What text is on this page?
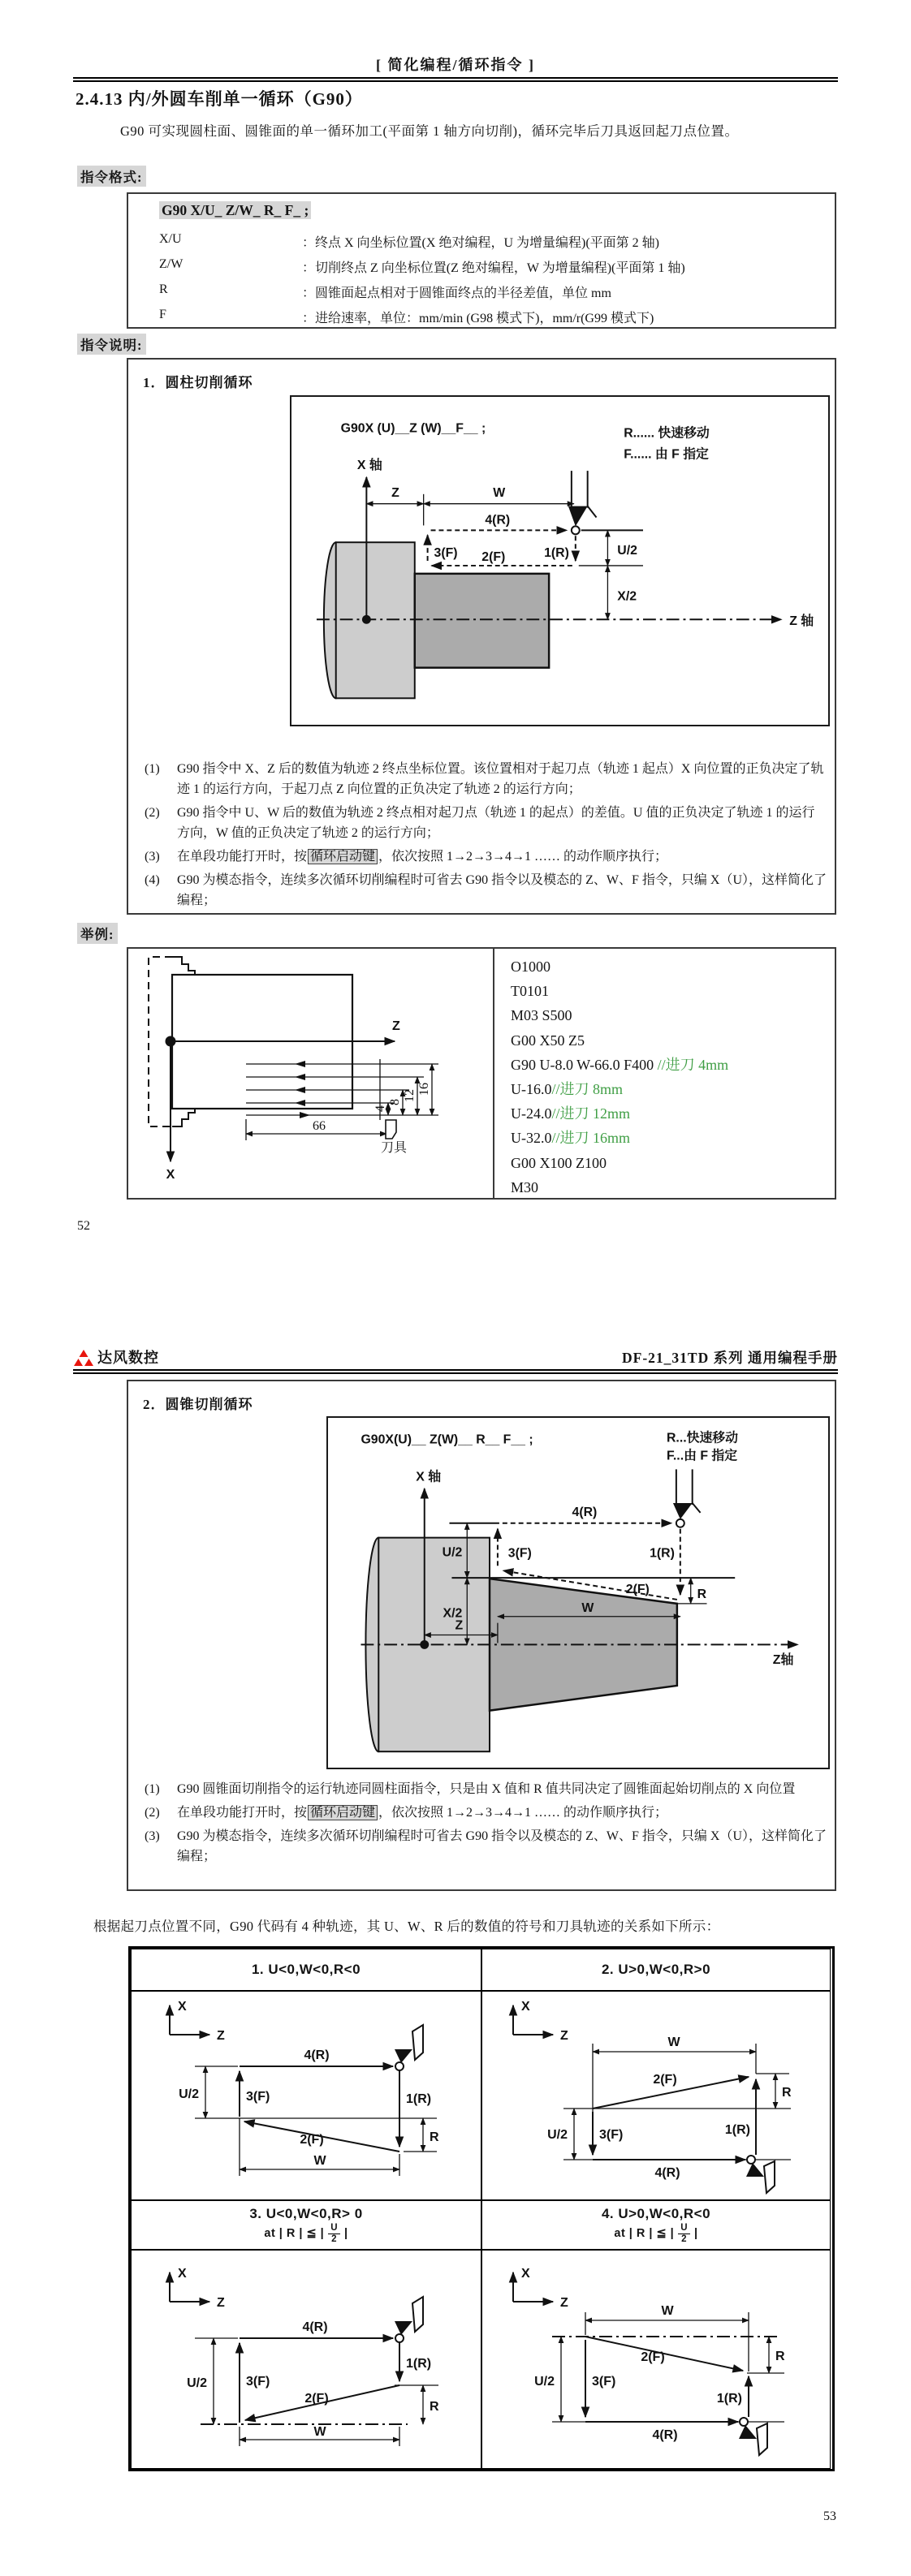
[ 简化编程/循环指令 ]
2.4.13 内/外圆车削单一循环（G90）
G90 可实现圆柱面、圆锥面的单一循环加工(平面第 1 轴方向切削)，循环完毕后刀具返回起刀点位置。
指令格式:
G90 X/U_ Z/W_ R_ F_ ;
X/U	：终点 X 向坐标位置(X 绝对编程，U 为增量编程)(平面第 2 轴)
Z/W	：切削终点 Z 向坐标位置(Z 绝对编程，W 为增量编程)(平面第 1 轴)
R	：圆锥面起点相对于圆锥面终点的半径差值，单位 mm
F	：进给速率，单位：mm/min (G98 模式下)，mm/r(G99 模式下)
指令说明:
1．圆柱切削循环
G90X (U)__Z (W)__F__ ;	R...... 快速移动
F...... 由 F 指定
X 轴
Z 轴
Z	W
4(R)
3(F) 2(F)	1(R)	U/2
X/2
(1)	G90 指令中 X、Z 后的数值为轨迹 2 终点坐标位置。该位置相对于起刀点（轨迹 1 起点）X 向位置的正负决定了轨迹 1 的运行方向，于起刀点 Z 向位置的正负决定了轨迹 2 的运行方向；
(2)	G90 指令中 U、W 后的数值为轨迹 2 终点相对起刀点（轨迹 1 的起点）的差值。U 值的正负决定了轨迹 1 的运行方向，W 值的正负决定了轨迹 2 的运行方向；
(3)	在单段功能打开时，按 循环启动键 ，依次按照 1→2→3→4→1 …… 的动作顺序执行；
(4)	G90 为模态指令，连续多次循环切削编程时可省去 G90 指令以及模态的 Z、W、F 指令，只编 X（U），这样简化了编程；
举例:
Z
X
4
8 12 16
66
刀具
O1000
T0101
M03 S500
G00 X50 Z5
G90 U-8.0 W-66.0 F400 //进刀 4mm
U-16.0//进刀 8mm
U-24.0//进刀 12mm
U-32.0//进刀 16mm
G00 X100 Z100
M30
52
达风数控	DF-21_31TD 系列 通用编程手册
2．圆锥切削循环
G90X(U)__ Z(W)__ R__ F__ ;	R...快速移动
F...由 F 指定
X 轴
Z轴
4(R)
3(F)	1(R)
2(F)
U/2
X/2
R
W
Z
(1)	G90 圆锥面切削指令的运行轨迹同圆柱面指令，只是由 X 值和 R 值共同决定了圆锥面起始切削点的 X 向位置
(2)	在单段功能打开时，按 循环启动键 ，依次按照 1→2→3→4→1 …… 的动作顺序执行；
(3)	G90 为模态指令，连续多次循环切削编程时可省去 G90 指令以及模态的 Z、W、F 指令，只编 X（U），这样简化了编程；
根据起刀点位置不同，G90 代码有 4 种轨迹，其 U、W、R 后的数值的符号和刀具轨迹的关系如下所示：
1. U<0,W<0,R<0	2. U>0,W<0,R>0
X
Z
4(R)
3(F)
U/2	1(R)
2(F)	R
W
X
Z	W
2(F)
1(R)
R
U/2 3(F)
4(R)
3. U<0,W<0,R> 0
at | R | ≦ | $\frac{U}{2}$ |
4. U>0,W<0,R<0
at | R | ≦ | $\frac{U}{2}$ |
X
Z
4(R)
3(F)
U/2
1(R)
R
2(F)
W
X
Z
W
2(F)	R
U/2	3(F)
1(R)
4(R)
53
